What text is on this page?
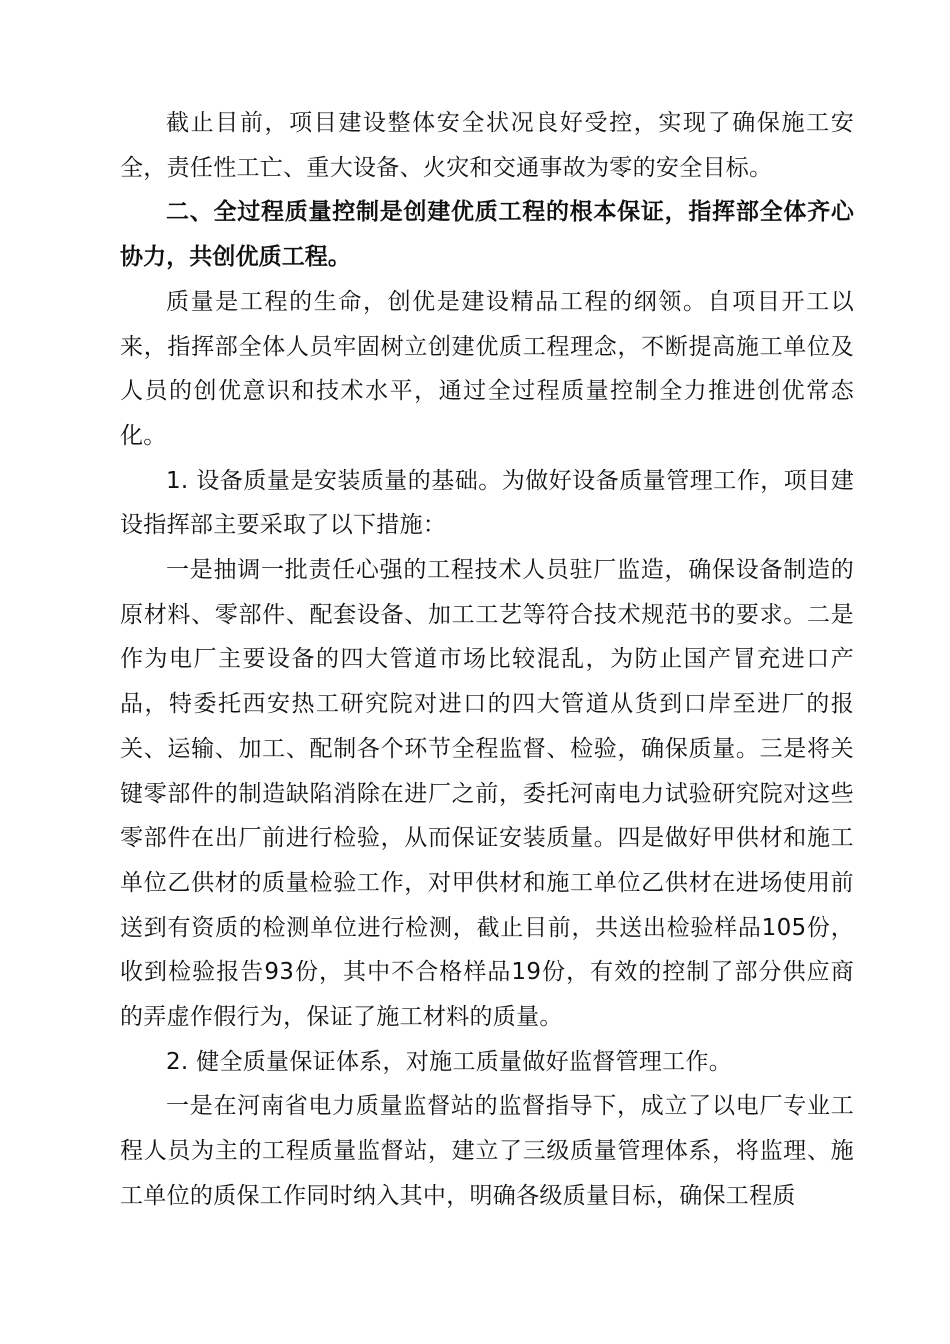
截止目前，项目建设整体安全状况良好受控，实现了确保施工安全，责任性工亡、重大设备、火灾和交通事故为零的安全目标。

二、全过程质量控制是创建优质工程的根本保证，指挥部全体齐心协力，共创优质工程。

质量是工程的生命，创优是建设精品工程的纲领。自项目开工以来，指挥部全体人员牢固树立创建优质工程理念，不断提高施工单位及人员的创优意识和技术水平，通过全过程质量控制全力推进创优常态化。

1. 设备质量是安装质量的基础。为做好设备质量管理工作，项目建设指挥部主要采取了以下措施：

一是抽调一批责任心强的工程技术人员驻厂监造，确保设备制造的原材料、零部件、配套设备、加工工艺等符合技术规范书的要求。二是作为电厂主要设备的四大管道市场比较混乱，为防止国产冒充进口产品，特委托西安热工研究院对进口的四大管道从货到口岸至进厂的报关、运输、加工、配制各个环节全程监督、检验，确保质量。三是将关键零部件的制造缺陷消除在进厂之前，委托河南电力试验研究院对这些零部件在出厂前进行检验，从而保证安装质量。四是做好甲供材和施工单位乙供材的质量检验工作，对甲供材和施工单位乙供材在进场使用前送到有资质的检测单位进行检测，截止目前，共送出检验样品105份，收到检验报告93份，其中不合格样品19份，有效的控制了部分供应商的弄虚作假行为，保证了施工材料的质量。

2. 健全质量保证体系，对施工质量做好监督管理工作。

一是在河南省电力质量监督站的监督指导下，成立了以电厂专业工程人员为主的工程质量监督站，建立了三级质量管理体系，将监理、施工单位的质保工作同时纳入其中，明确各级质量目标，确保工程质
